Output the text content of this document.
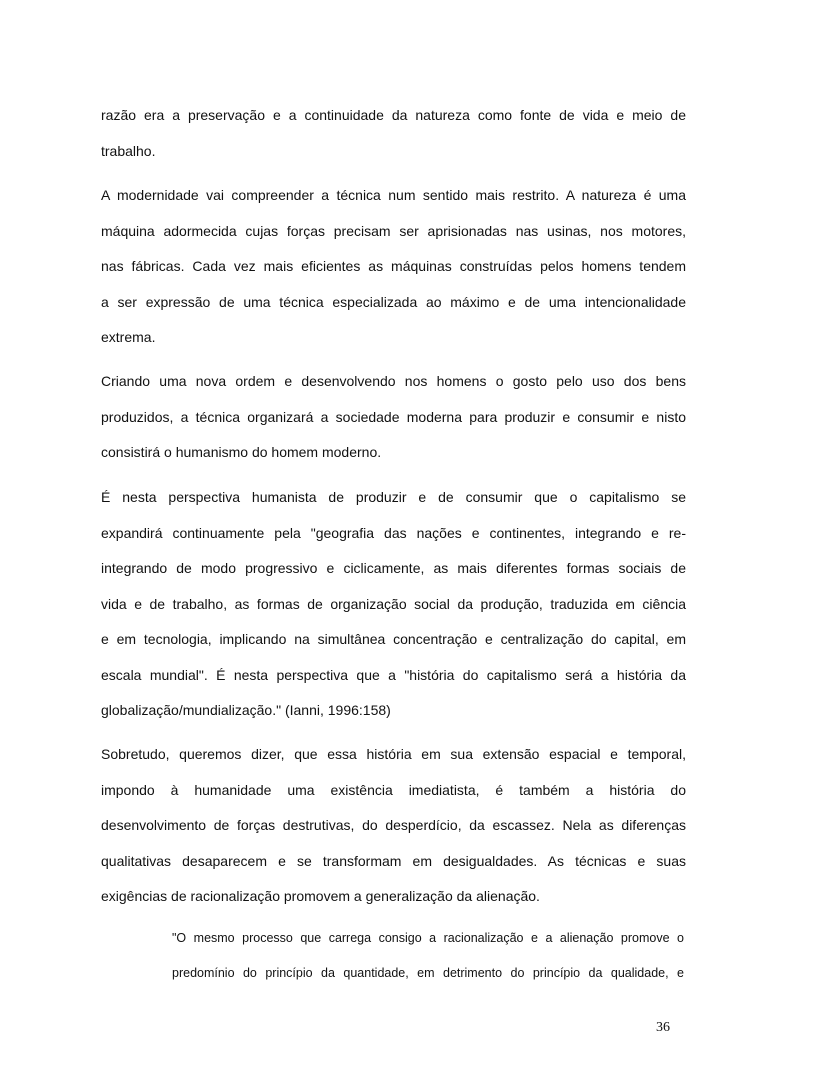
razão era a preservação e a continuidade da natureza como fonte de vida e meio de
trabalho.

A modernidade vai compreender a técnica num sentido mais restrito. A natureza é uma
máquina adormecida cujas forças precisam ser aprisionadas nas usinas, nos motores,
nas fábricas. Cada vez mais eficientes as máquinas construídas pelos homens tendem
a ser expressão de uma técnica especializada ao máximo e de uma intencionalidade
extrema.

Criando uma nova ordem e desenvolvendo nos homens o gosto pelo uso dos bens
produzidos, a técnica organizará a sociedade moderna para produzir e consumir e nisto
consistirá o humanismo do homem moderno.

É nesta perspectiva humanista de produzir e de consumir que o capitalismo se
expandirá continuamente pela "geografia das nações e continentes, integrando e re-
integrando de modo progressivo e ciclicamente, as mais diferentes formas sociais de
vida e de trabalho, as formas de organização social da produção, traduzida em ciência
e em tecnologia, implicando na simultânea concentração e centralização do capital, em
escala mundial". É nesta perspectiva que a "história do capitalismo será a história da
globalização/mundialização." (Ianni, 1996:158)

Sobretudo, queremos dizer, que essa história em sua extensão espacial e temporal,
impondo à humanidade uma existência imediatista, é também a história do
desenvolvimento de forças destrutivas, do desperdício, da escassez. Nela as diferenças
qualitativas desaparecem e se transformam em desigualdades. As técnicas e suas
exigências de racionalização promovem a generalização da alienação.

"O mesmo processo que carrega consigo a racionalização e a alienação promove o
predomínio do princípio da quantidade, em detrimento do princípio da qualidade, e
36
